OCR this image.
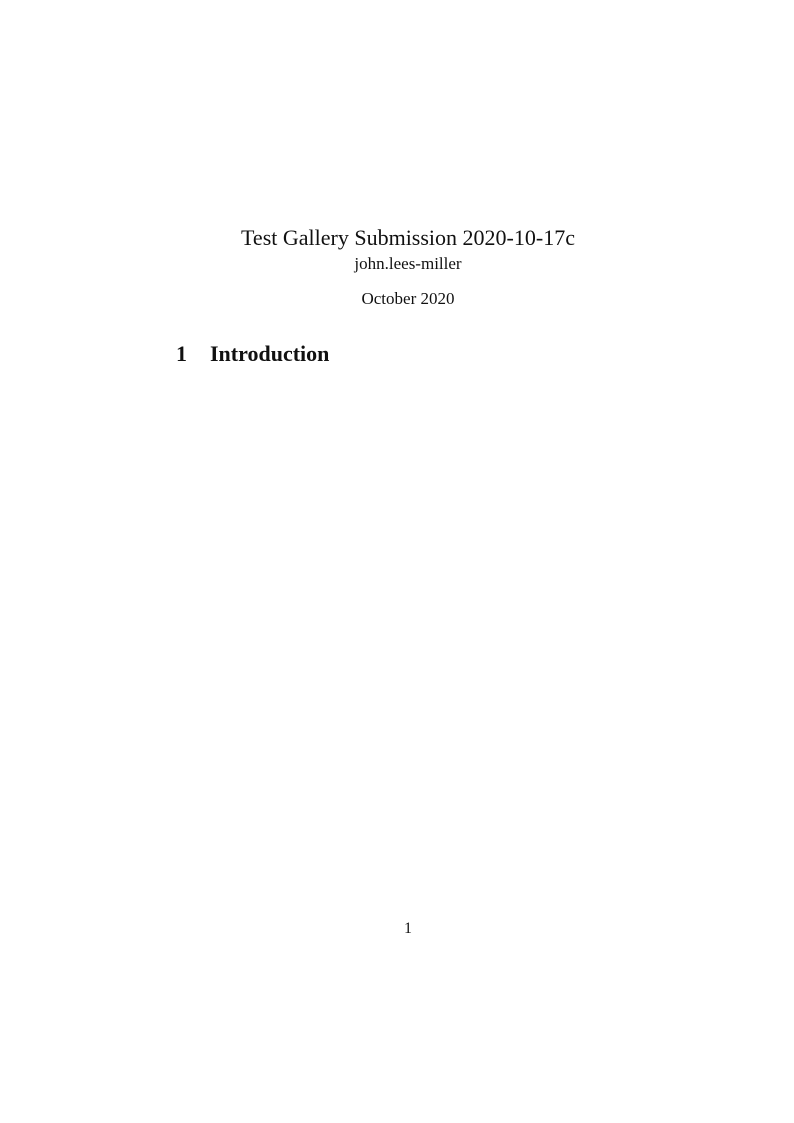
Test Gallery Submission 2020-10-17c
john.lees-miller
October 2020
1 Introduction
1
